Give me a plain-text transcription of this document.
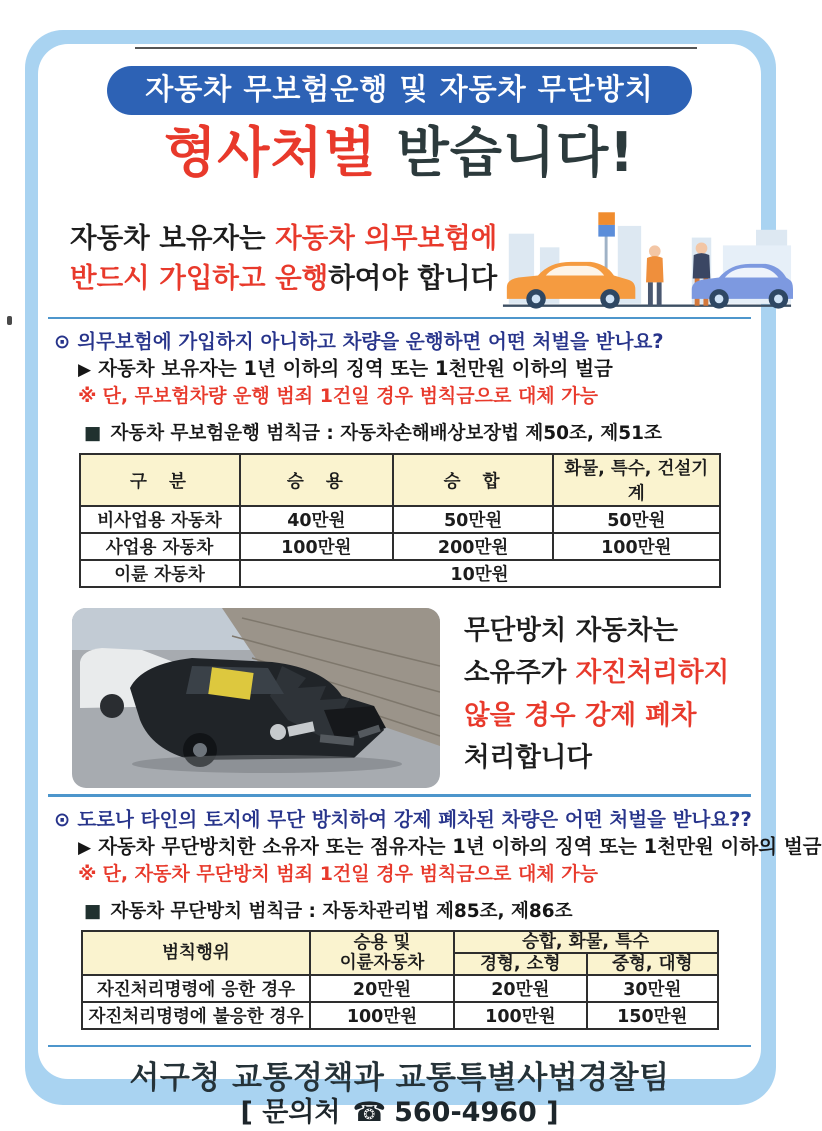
자동차 무보험운행 및 자동차 무단방치
형사처벌 받습니다!
자동차 보유자는 자동차 의무보험에
반드시 가입하고 운행하여야 합니다
⊙ 의무보험에 가입하지 아니하고 차량을 운행하면 어떤 처벌을 받나요?
▶ 자동차 보유자는 1년 이하의 징역 또는 1천만원 이하의 벌금
※ 단, 무보험차량 운행 범죄 1건일 경우 범칙금으로 대체 가능
■ 자동차 무보험운행 범칙금 : 자동차손해배상보장법 제50조, 제51조
구 분	승 용	승 합	화물, 특수, 건설기계
비사업용 자동차	40만원	50만원	50만원
사업용 자동차	100만원	200만원	100만원
이륜 자동차	10만원		
무단방치 자동차는
소유주가 자진처리하지
않을 경우 강제 폐차
처리합니다
⊙ 도로나 타인의 토지에 무단 방치하여 강제 폐차된 차량은 어떤 처벌을 받나요??
▶ 자동차 무단방치한 소유자 또는 점유자는 1년 이하의 징역 또는 1천만원 이하의 벌금
※ 단, 자동차 무단방치 범죄 1건일 경우 범칙금으로 대체 가능
■ 자동차 무단방치 범칙금 : 자동차관리법 제85조, 제86조
범칙행위	승용 및
이륜자동차	승합, 화물, 특수	
		경형, 소형	중형, 대형
자진처리명령에 응한 경우	20만원	20만원	30만원
자진처리명령에 불응한 경우	100만원	100만원	150만원
서구청 교통정책과 교통특별사법경찰팀
[ 문의처 ☎ 560-4960 ]
